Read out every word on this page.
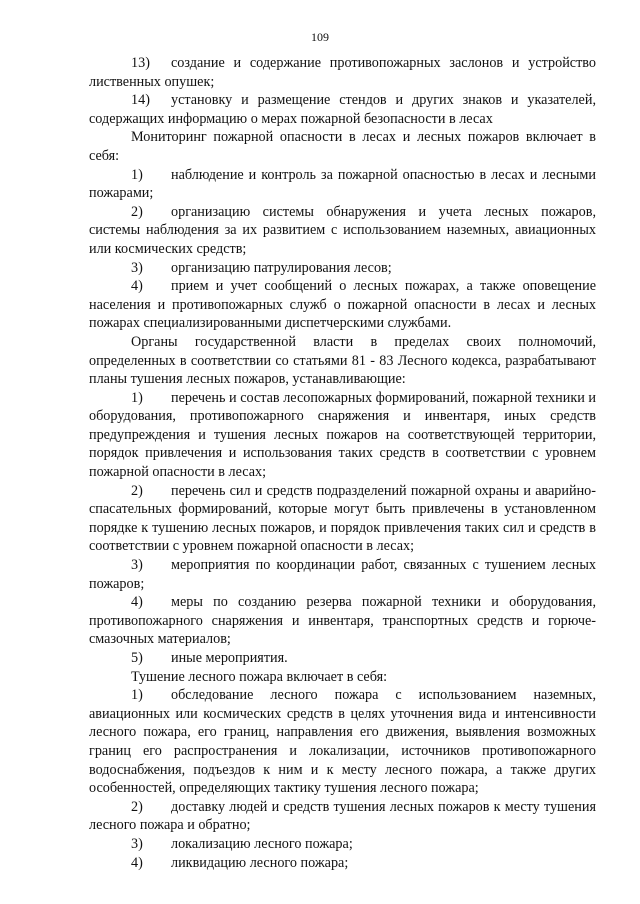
109

13) создание и содержание противопожарных заслонов и устройство лиственных опушек;

14) установку и размещение стендов и других знаков и указателей, содержащих информацию о мерах пожарной безопасности в лесах

Мониторинг пожарной опасности в лесах и лесных пожаров включает в себя:

1) наблюдение и контроль за пожарной опасностью в лесах и лесными пожарами;

2) организацию системы обнаружения и учета лесных пожаров, системы наблюдения за их развитием с использованием наземных, авиационных или космических средств;

3) организацию патрулирования лесов;

4) прием и учет сообщений о лесных пожарах, а также оповещение населения и противопожарных служб о пожарной опасности в лесах и лесных пожарах специализированными диспетчерскими службами.

Органы государственной власти в пределах своих полномочий, определенных в соответствии со статьями 81 - 83 Лесного кодекса, разрабатывают планы тушения лесных пожаров, устанавливающие:

1) перечень и состав лесопожарных формирований, пожарной техники и оборудования, противопожарного снаряжения и инвентаря, иных средств предупреждения и тушения лесных пожаров на соответствующей территории, порядок привлечения и использования таких средств в соответствии с уровнем пожарной опасности в лесах;

2) перечень сил и средств подразделений пожарной охраны и аварийно-спасательных формирований, которые могут быть привлечены в установленном порядке к тушению лесных пожаров, и порядок привлечения таких сил и средств в соответствии с уровнем пожарной опасности в лесах;

3) мероприятия по координации работ, связанных с тушением лесных пожаров;

4) меры по созданию резерва пожарной техники и оборудования, противопожарного снаряжения и инвентаря, транспортных средств и горюче-смазочных материалов;

5) иные мероприятия.

Тушение лесного пожара включает в себя:

1) обследование лесного пожара с использованием наземных, авиационных или космических средств в целях уточнения вида и интенсивности лесного пожара, его границ, направления его движения, выявления возможных границ его распространения и локализации, источников противопожарного водоснабжения, подъездов к ним и к месту лесного пожара, а также других особенностей, определяющих тактику тушения лесного пожара;

2) доставку людей и средств тушения лесных пожаров к месту тушения лесного пожара и обратно;

3) локализацию лесного пожара;

4) ликвидацию лесного пожара;
